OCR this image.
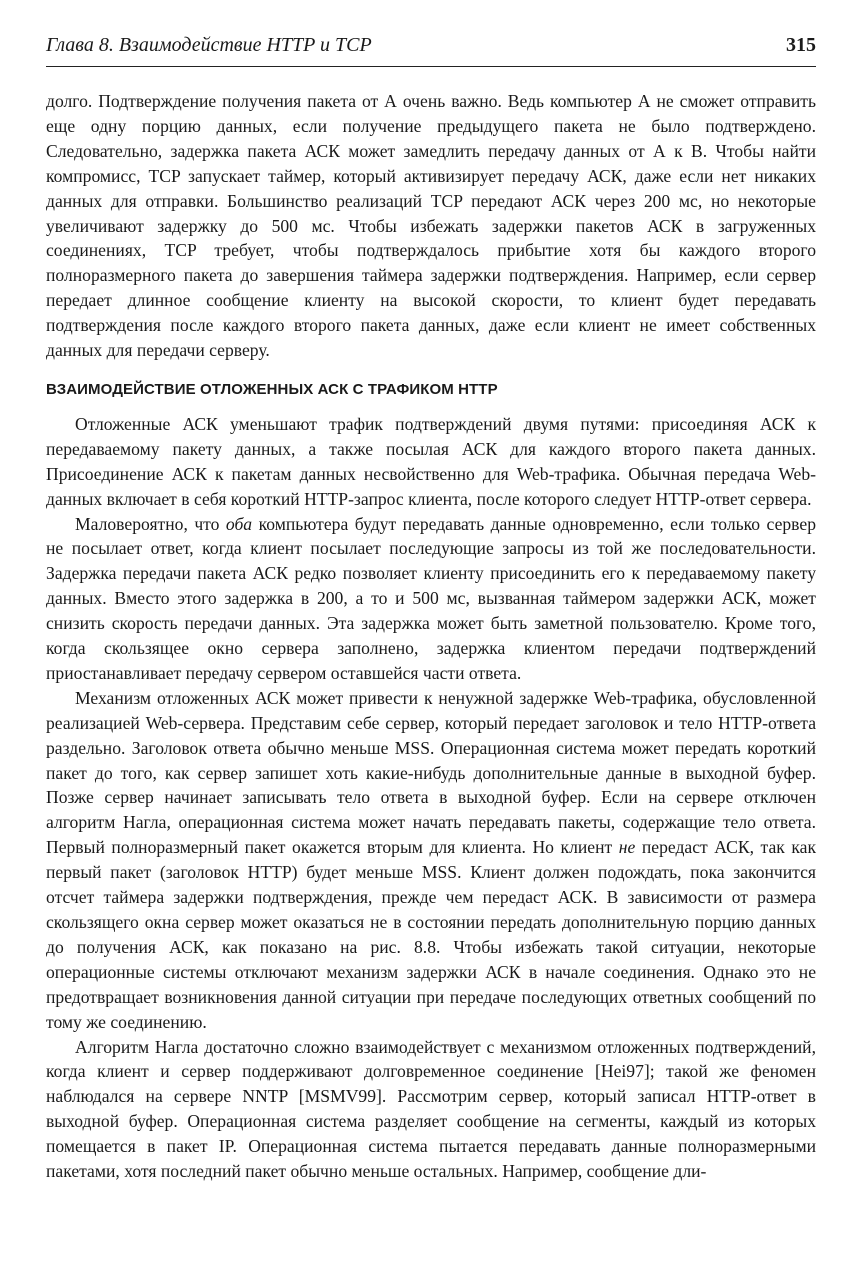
Глава 8. Взаимодействие HTTP и TCP	315

долго. Подтверждение получения пакета от А очень важно. Ведь компьютер А не сможет отправить еще одну порцию данных, если получение предыдущего пакета не было подтверждено. Следовательно, задержка пакета АСК может замедлить передачу данных от А к В. Чтобы найти компромисс, TCP запускает таймер, который активизирует передачу АСК, даже если нет никаких данных для отправки. Большинство реализаций TCP передают АСК через 200 мс, но некоторые увеличивают задержку до 500 мс. Чтобы избежать задержки пакетов АСК в загруженных соединениях, TCP требует, чтобы подтверждалось прибытие хотя бы каждого второго полноразмерного пакета до завершения таймера задержки подтверждения. Например, если сервер передает длинное сообщение клиенту на высокой скорости, то клиент будет передавать подтверждения после каждого второго пакета данных, даже если клиент не имеет собственных данных для передачи серверу.

ВЗАИМОДЕЙСТВИЕ ОТЛОЖЕННЫХ АСК С ТРАФИКОМ HTTP

Отложенные АСК уменьшают трафик подтверждений двумя путями: присоединяя АСК к передаваемому пакету данных, а также посылая АСК для каждого второго пакета данных. Присоединение АСК к пакетам данных несвойственно для Web-трафика. Обычная передача Web-данных включает в себя короткий HTTP-запрос клиента, после которого следует HTTP-ответ сервера.

Маловероятно, что оба компьютера будут передавать данные одновременно, если только сервер не посылает ответ, когда клиент посылает последующие запросы из той же последовательности. Задержка передачи пакета АСК редко позволяет клиенту присоединить его к передаваемому пакету данных. Вместо этого задержка в 200, а то и 500 мс, вызванная таймером задержки АСК, может снизить скорость передачи данных. Эта задержка может быть заметной пользователю. Кроме того, когда скользящее окно сервера заполнено, задержка клиентом передачи подтверждений приостанавливает передачу сервером оставшейся части ответа.

Механизм отложенных АСК может привести к ненужной задержке Web-трафика, обусловленной реализацией Web-сервера. Представим себе сервер, который передает заголовок и тело HTTP-ответа раздельно. Заголовок ответа обычно меньше MSS. Операционная система может передать короткий пакет до того, как сервер запишет хоть какие-нибудь дополнительные данные в выходной буфер. Позже сервер начинает записывать тело ответа в выходной буфер. Если на сервере отключен алгоритм Нагла, операционная система может начать передавать пакеты, содержащие тело ответа. Первый полноразмерный пакет окажется вторым для клиента. Но клиент не передаст АСК, так как первый пакет (заголовок HTTP) будет меньше MSS. Клиент должен подождать, пока закончится отсчет таймера задержки подтверждения, прежде чем передаст АСК. В зависимости от размера скользящего окна сервер может оказаться не в состоянии передать дополнительную порцию данных до получения АСК, как показано на рис. 8.8. Чтобы избежать такой ситуации, некоторые операционные системы отключают механизм задержки АСК в начале соединения. Однако это не предотвращает возникновения данной ситуации при передаче последующих ответных сообщений по тому же соединению.

Алгоритм Нагла достаточно сложно взаимодействует с механизмом отложенных подтверждений, когда клиент и сервер поддерживают долговременное соединение [Hei97]; такой же феномен наблюдался на сервере NNTP [MSMV99]. Рассмотрим сервер, который записал HTTP-ответ в выходной буфер. Операционная система разделяет сообщение на сегменты, каждый из которых помещается в пакет IP. Операционная система пытается передавать данные полноразмерными пакетами, хотя последний пакет обычно меньше остальных. Например, сообщение дли-
